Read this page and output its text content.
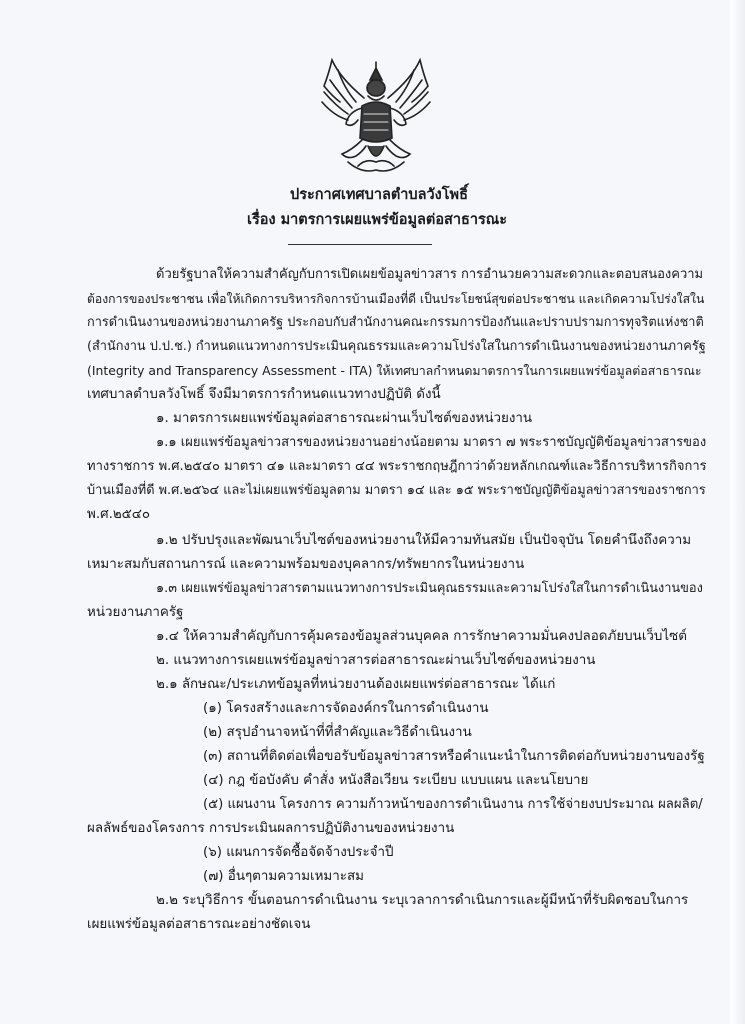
ประกาศเทศบาลตำบลวังโพธิ์
เรื่อง มาตรการเผยแพร่ข้อมูลต่อสาธารณะ
ด้วยรัฐบาลให้ความสำคัญกับการเปิดเผยข้อมูลข่าวสาร การอำนวยความสะดวกและตอบสนองความ
ต้องการของประชาชน เพื่อให้เกิดการบริหารกิจการบ้านเมืองที่ดี เป็นประโยชน์สุขต่อประชาชน และเกิดความโปร่งใสใน
การดำเนินงานของหน่วยงานภาครัฐ ประกอบกับสำนักงานคณะกรรมการป้องกันและปราบปรามการทุจริตแห่งชาติ
(สำนักงาน ป.ป.ช.) กำหนดแนวทางการประเมินคุณธรรมและความโปร่งใสในการดำเนินงานของหน่วยงานภาครัฐ
(Integrity and Transparency Assessment - ITA) ให้เทศบาลกำหนดมาตรการในการเผยแพร่ข้อมูลต่อสาธารณะ
เทศบาลตำบลวังโพธิ์ จึงมีมาตรการกำหนดแนวทางปฏิบัติ ดังนี้
๑. มาตรการเผยแพร่ข้อมูลต่อสาธารณะผ่านเว็บไซต์ของหน่วยงาน
๑.๑ เผยแพร่ข้อมูลข่าวสารของหน่วยงานอย่างน้อยตาม มาตรา ๗ พระราชบัญญัติข้อมูลข่าวสารของ
ทางราชการ พ.ศ.๒๕๔๐ มาตรา ๔๑ และมาตรา ๔๔ พระราชกฤษฎีกาว่าด้วยหลักเกณฑ์และวิธีการบริหารกิจการ
บ้านเมืองที่ดี พ.ศ.๒๕๖๔ และไม่เผยแพร่ข้อมูลตาม มาตรา ๑๔ และ ๑๕ พระราชบัญญัติข้อมูลข่าวสารของราชการ
พ.ศ.๒๕๔๐
๑.๒ ปรับปรุงและพัฒนาเว็บไซต์ของหน่วยงานให้มีความทันสมัย เป็นปัจจุบัน โดยคำนึงถึงความ
เหมาะสมกับสถานการณ์ และความพร้อมของบุคลากร/ทรัพยากรในหน่วยงาน
๑.๓ เผยแพร่ข้อมูลข่าวสารตามแนวทางการประเมินคุณธรรมและความโปร่งใสในการดำเนินงานของ
หน่วยงานภาครัฐ
๑.๔ ให้ความสำคัญกับการคุ้มครองข้อมูลส่วนบุคคล การรักษาความมั่นคงปลอดภัยบนเว็บไซต์
๒. แนวทางการเผยแพร่ข้อมูลข่าวสารต่อสาธารณะผ่านเว็บไซต์ของหน่วยงาน
๒.๑ ลักษณะ/ประเภทข้อมูลที่หน่วยงานต้องเผยแพร่ต่อสาธารณะ ได้แก่
(๑) โครงสร้างและการจัดองค์กรในการดำเนินงาน
(๒) สรุปอำนาจหน้าที่ที่สำคัญและวิธีดำเนินงาน
(๓) สถานที่ติดต่อเพื่อขอรับข้อมูลข่าวสารหรือคำแนะนำในการติดต่อกับหน่วยงานของรัฐ
(๔) กฎ ข้อบังคับ คำสั่ง หนังสือเวียน ระเบียบ แบบแผน และนโยบาย
(๕) แผนงาน โครงการ ความก้าวหน้าของการดำเนินงาน การใช้จ่ายงบประมาณ ผลผลิต/
ผลลัพธ์ของโครงการ การประเมินผลการปฏิบัติงานของหน่วยงาน
(๖) แผนการจัดซื้อจัดจ้างประจำปี
(๗) อื่นๆตามความเหมาะสม
๒.๒ ระบุวิธีการ ขั้นตอนการดำเนินงาน ระบุเวลาการดำเนินการและผู้มีหน้าที่รับผิดชอบในการ
เผยแพร่ข้อมูลต่อสาธารณะอย่างชัดเจน
